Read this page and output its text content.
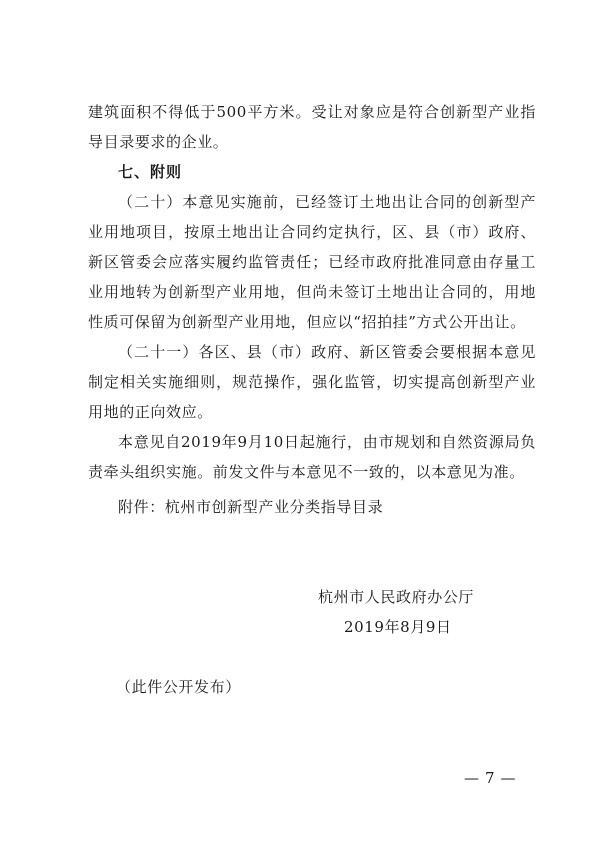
建筑面积不得低于500平方米。受让对象应是符合创新型产业指导目录要求的企业。

七、附则

（二十）本意见实施前，已经签订土地出让合同的创新型产业用地项目，按原土地出让合同约定执行，区、县（市）政府、新区管委会应落实履约监管责任；已经市政府批准同意由存量工业用地转为创新型产业用地，但尚未签订土地出让合同的，用地性质可保留为创新型产业用地，但应以“招拍挂”方式公开出让。

（二十一）各区、县（市）政府、新区管委会要根据本意见制定相关实施细则，规范操作，强化监管，切实提高创新型产业用地的正向效应。

本意见自2019年9月10日起施行，由市规划和自然资源局负责牵头组织实施。前发文件与本意见不一致的，以本意见为准。

附件：杭州市创新型产业分类指导目录

杭州市人民政府办公厅

2019年8月9日

（此件公开发布）

— 7 —
